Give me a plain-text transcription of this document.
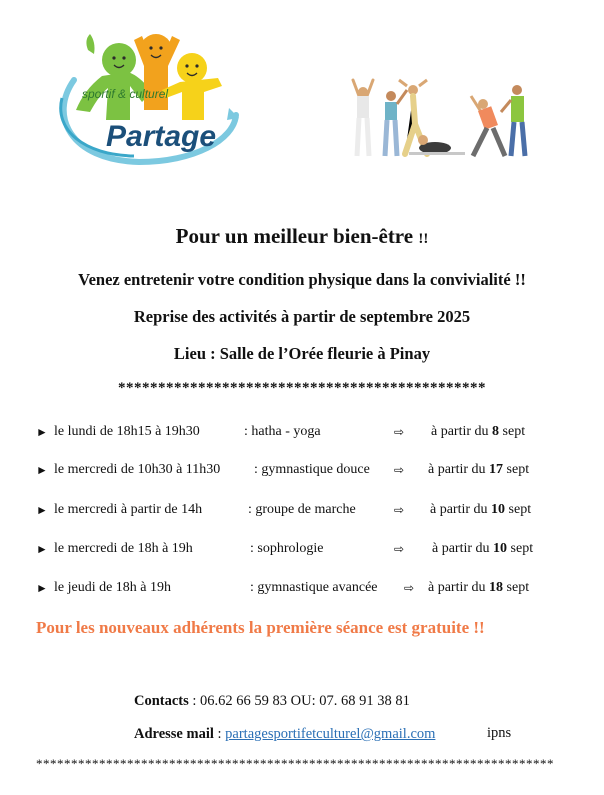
sportif & culturel
Partage
Pour un meilleur bien-être !!
Venez entretenir votre condition physique dans la convivialité !!
Reprise des activités à partir de septembre 2025
Lieu : Salle de l’Orée fleurie à Pinay
**********************************************
► le lundi de 18h15 à 19h30	: hatha - yoga	⇨ à partir du 8 sept
► le mercredi de 10h30 à 11h30 : gymnastique douce ⇨ à partir du 17 sept
► le mercredi à partir de 14h	: groupe de marche	⇨ à partir du 10 sept
► le mercredi de 18h à 19h	: sophrologie	⇨ à partir du 10 sept
► le jeudi de 18h à 19h	: gymnastique avancée ⇨ à partir du 18 sept
Pour les nouveaux adhérents la première séance est gratuite !!
Contacts : 06.62 66 59 83 OU: 07. 68 91 38 81
Adresse mail : partagesportifetculturel@gmail.com	ipns
**************************************************************************
